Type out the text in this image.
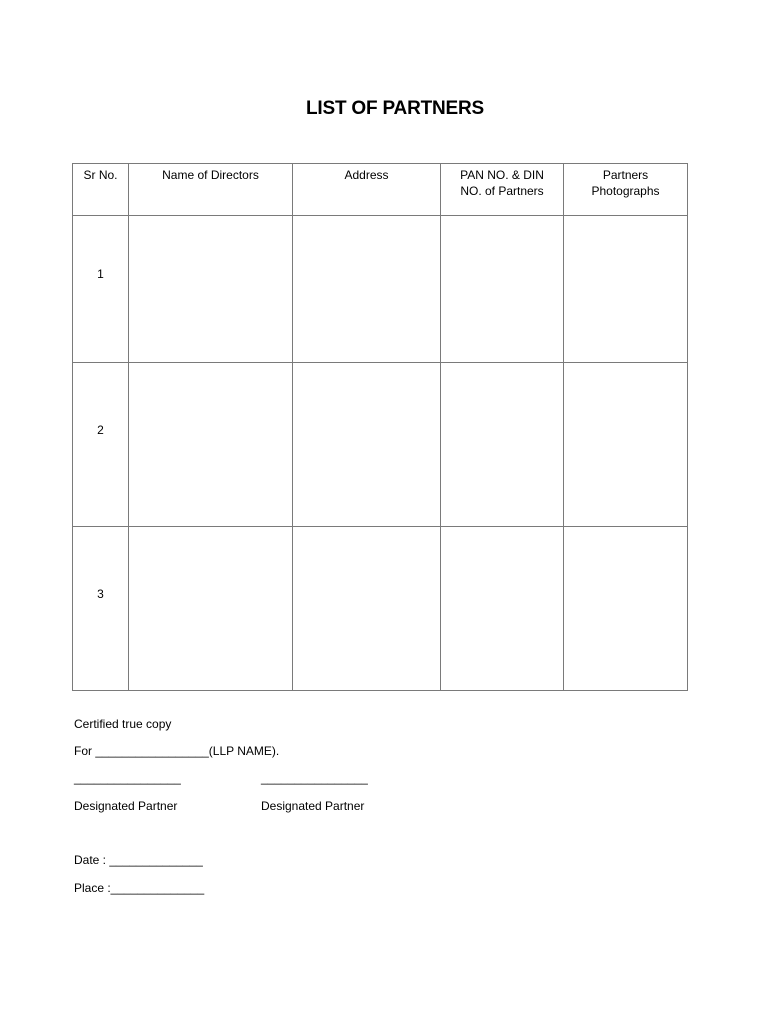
LIST OF PARTNERS
Sr No.	Name of Directors	Address	PAN NO. & DIN NO. of Partners	Partners Photographs

1				
2				
3				
Certified true copy
For _________________(LLP NAME).
________________	________________
Designated Partner	Designated Partner
Date : ______________
Place :______________
